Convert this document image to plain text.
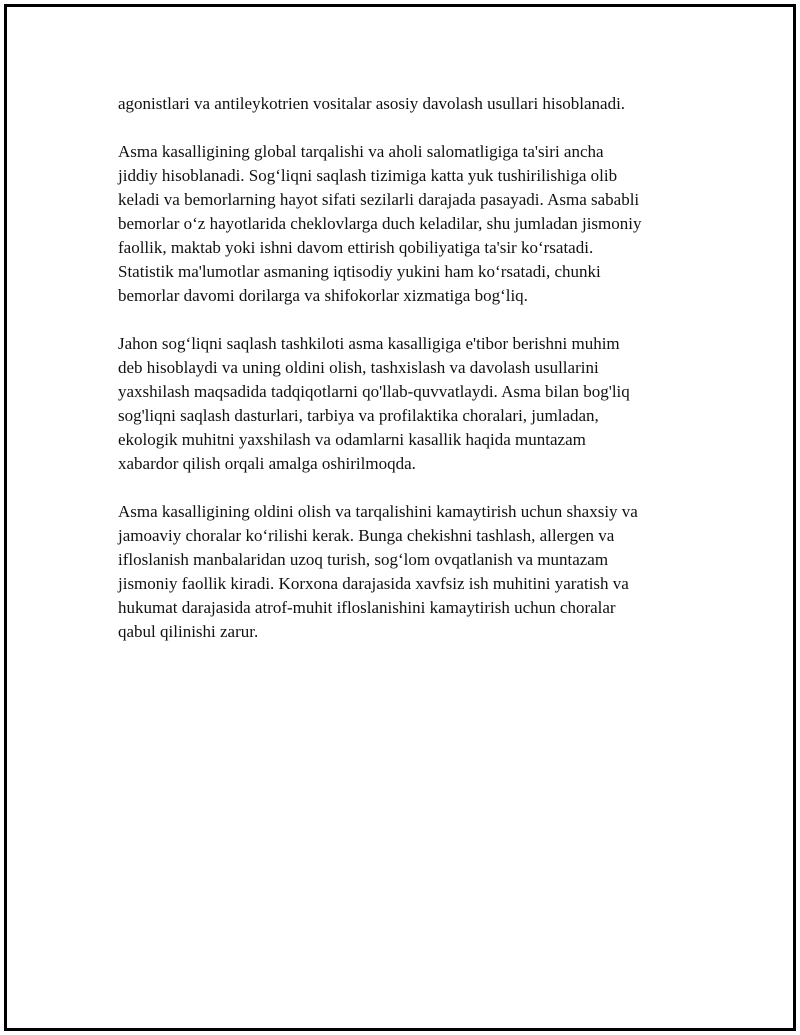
agonistlari va antileykotrien vositalar asosiy davolash usullari hisoblanadi.

Asma kasalligining global tarqalishi va aholi salomatligiga ta'siri ancha
jiddiy hisoblanadi. Sog‘liqni saqlash tizimiga katta yuk tushirilishiga olib
keladi va bemorlarning hayot sifati sezilarli darajada pasayadi. Asma sababli
bemorlar o‘z hayotlarida cheklovlarga duch keladilar, shu jumladan jismoniy
faollik, maktab yoki ishni davom ettirish qobiliyatiga ta'sir ko‘rsatadi.
Statistik ma'lumotlar asmaning iqtisodiy yukini ham ko‘rsatadi, chunki
bemorlar davomi dorilarga va shifokorlar xizmatiga bog‘liq.

Jahon sog‘liqni saqlash tashkiloti asma kasalligiga e'tibor berishni muhim
deb hisoblaydi va uning oldini olish, tashxislash va davolash usullarini
yaxshilash maqsadida tadqiqotlarni qo'llab-quvvatlaydi. Asma bilan bog'liq
sog'liqni saqlash dasturlari, tarbiya va profilaktika choralari, jumladan,
ekologik muhitni yaxshilash va odamlarni kasallik haqida muntazam
xabardor qilish orqali amalga oshirilmoqda.

Asma kasalligining oldini olish va tarqalishini kamaytirish uchun shaxsiy va
jamoaviy choralar ko‘rilishi kerak. Bunga chekishni tashlash, allergen va
ifloslanish manbalaridan uzoq turish, sog‘lom ovqatlanish va muntazam
jismoniy faollik kiradi. Korxona darajasida xavfsiz ish muhitini yaratish va
hukumat darajasida atrof-muhit ifloslanishini kamaytirish uchun choralar
qabul qilinishi zarur.
